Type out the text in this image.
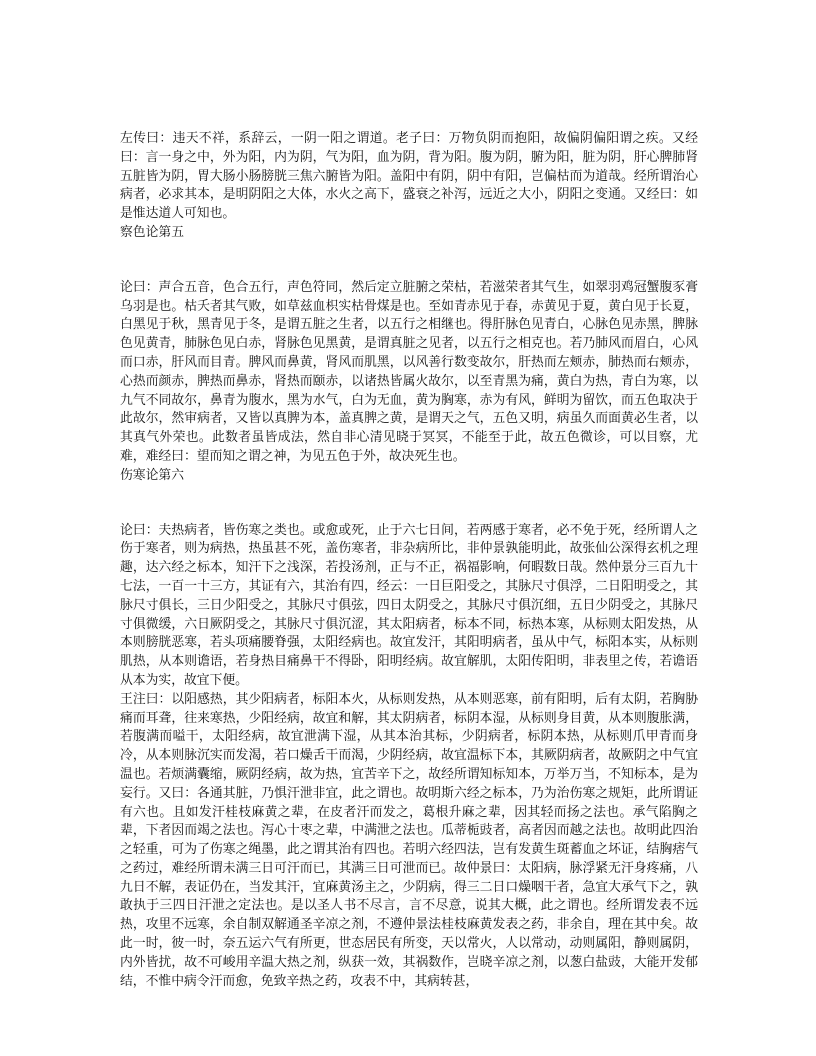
左传曰：违天不祥，系辞云，一阴一阳之谓道。老子曰：万物负阴而抱阳，故偏阴偏阳谓之疾。又经曰：言一身之中，外为阳，内为阴，气为阳，血为阴，背为阳。腹为阴，腑为阳，脏为阴，肝心脾肺肾五脏皆为阴，胃大肠小肠膀胱三焦六腑皆为阳。盖阳中有阴，阴中有阳，岂偏枯而为道哉。经所谓治心病者，必求其本，是明阴阳之大体，水火之高下，盛衰之补泻，远近之大小，阴阳之变通。又经曰：如是惟达道人可知也。

察色论第五

论曰：声合五音，色合五行，声色符同，然后定立脏腑之荣枯，若滋荣者其气生，如翠羽鸡冠蟹腹豕膏乌羽是也。枯夭者其气败，如草兹血枳实枯骨煤是也。至如青赤见于春，赤黄见于夏，黄白见于长夏，白黑见于秋，黑青见于冬，是谓五脏之生者，以五行之相继也。得肝脉色见青白，心脉色见赤黑，脾脉色见黄青，肺脉色见白赤，肾脉色见黑黄，是谓真脏之见者，以五行之相克也。若乃肺风而眉白，心风而口赤，肝风而目青。脾风而鼻黄，肾风而肌黑，以风善行数变故尔，肝热而左颊赤，肺热而右颊赤，心热而颜赤，脾热而鼻赤，肾热而颐赤，以诸热皆属火故尔，以至青黑为痛，黄白为热，青白为寒，以九气不同故尔，鼻青为腹水，黑为水气，白为无血，黄为胸寒，赤为有风，鲜明为留饮，而五色取决于此故尔，然审病者，又皆以真脾为本，盖真脾之黄，是谓天之气，五色又明，病虽久而面黄必生者，以其真气外荣也。此数者虽皆成法，然自非心清见晓于冥冥，不能至于此，故五色微诊，可以目察，尤难，难经曰：望而知之谓之神，为见五色于外，故决死生也。

伤寒论第六

论曰：夫热病者，皆伤寒之类也。或愈或死，止于六七日间，若两感于寒者，必不免于死，经所谓人之伤于寒者，则为病热，热虽甚不死，盖伤寒者，非杂病所比，非仲景孰能明此，故张仙公深得玄机之理趣，达六经之标本，知汗下之浅深，若投汤剂，正与不正，祸福影响，何暇数日哉。然仲景分三百九十七法，一百一十三方，其证有六，其治有四，经云：一日巨阳受之，其脉尺寸俱浮，二日阳明受之，其脉尺寸俱长，三日少阳受之，其脉尺寸俱弦，四日太阴受之，其脉尺寸俱沉细，五日少阴受之，其脉尺寸俱微缓，六日厥阴受之，其脉尺寸俱沉涩，其太阳病者，标本不同，标热本寒，从标则太阳发热，从本则膀胱恶寒，若头项痛腰脊强，太阳经病也。故宜发汗，其阳明病者，虽从中气，标阳本实，从标则肌热，从本则谵语，若身热目痛鼻干不得卧，阳明经病。故宜解肌，太阳传阳明，非表里之传，若谵语从本为实，故宜下便。

王注曰：以阳感热，其少阳病者，标阳本火，从标则发热，从本则恶寒，前有阳明，后有太阴，若胸胁痛而耳聋，往来寒热，少阳经病，故宜和解，其太阴病者，标阴本湿，从标则身目黄，从本则腹胀满，若腹满而嗌干，太阳经病，故宜泄满下湿，从其本治其标，少阴病者，标阴本热，从标则爪甲青而身冷，从本则脉沉实而发渴，若口燥舌干而渴，少阴经病，故宜温标下本，其厥阴病者，故厥阴之中气宜温也。若烦满囊缩，厥阴经病，故为热，宜苦辛下之，故经所谓知标知本，万举万当，不知标本，是为妄行。又曰：各通其脏，乃惧汗泄非宜，此之谓也。故明斯六经之标本，乃为治伤寒之规矩，此所谓证有六也。且如发汗桂枝麻黄之辈，在皮者汗而发之，葛根升麻之辈，因其轻而扬之法也。承气陷胸之辈，下者因而竭之法也。泻心十枣之辈，中满泄之法也。瓜蒂栀豉者，高者因而越之法也。故明此四治之轻重，可为了伤寒之绳墨，此之谓其治有四也。若明六经四法，岂有发黄生斑蓄血之坏证，结胸痞气之药过，难经所谓未满三日可汗而已，其满三日可泄而已。故仲景曰：太阳病，脉浮紧无汗身疼痛，八九日不解，表证仍在，当发其汗，宜麻黄汤主之，少阴病，得三二日口燥咽干者，急宜大承气下之，孰敢执于三四日汗泄之定法也。是以圣人书不尽言，言不尽意，说其大概，此之谓也。经所谓发表不远热，攻里不远寒，余自制双解通圣辛凉之剂，不遵仲景法桂枝麻黄发表之药，非余自，理在其中矣。故此一时，彼一时，奈五运六气有所更，世态居民有所变，天以常火，人以常动，动则属阳，静则属阴，内外皆扰，故不可峻用辛温大热之剂，纵获一效，其祸数作，岂晓辛凉之剂，以葱白盐豉，大能开发郁结，不惟中病令汗而愈，免致辛热之药，攻表不中，其病转甚，
